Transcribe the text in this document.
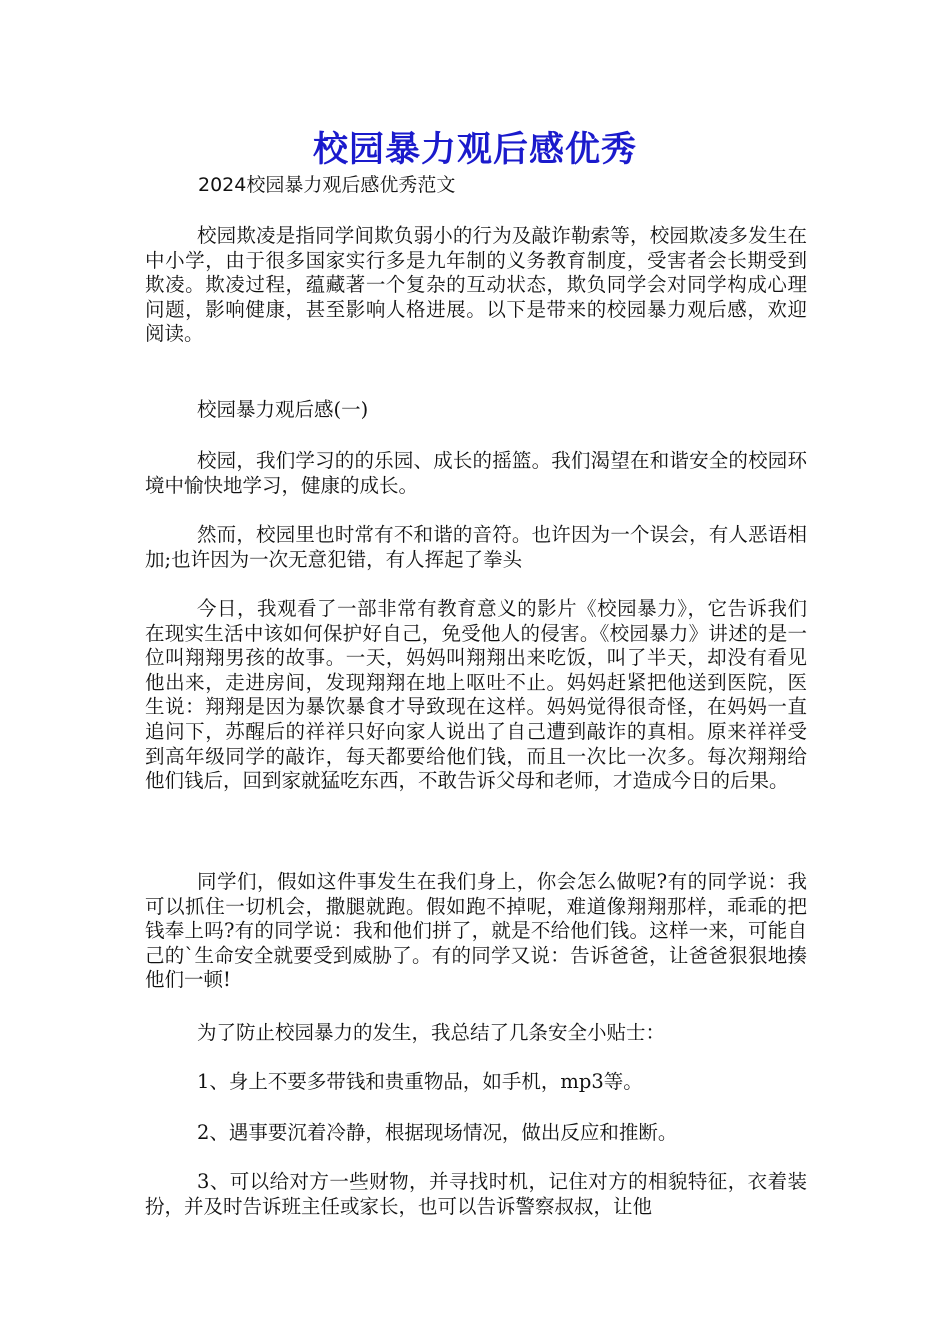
校园暴力观后感优秀

2024校园暴力观后感优秀范文

校园欺凌是指同学间欺负弱小的行为及敲诈勒索等，校园欺凌多发生在中小学，由于很多国家实行多是九年制的义务教育制度，受害者会长期受到欺凌。欺凌过程，蕴藏著一个复杂的互动状态，欺负同学会对同学构成心理问题，影响健康，甚至影响人格进展。以下是带来的校园暴力观后感，欢迎阅读。

校园暴力观后感(一)

校园，我们学习的的乐园、成长的摇篮。我们渴望在和谐安全的校园环境中愉快地学习，健康的成长。

然而，校园里也时常有不和谐的音符。也许因为一个误会，有人恶语相加;也许因为一次无意犯错，有人挥起了拳头

今日，我观看了一部非常有教育意义的影片《校园暴力》，它告诉我们在现实生活中该如何保护好自己，免受他人的侵害。《校园暴力》讲述的是一位叫翔翔男孩的故事。一天，妈妈叫翔翔出来吃饭，叫了半天，却没有看见他出来，走进房间，发现翔翔在地上呕吐不止。妈妈赶紧把他送到医院，医生说：翔翔是因为暴饮暴食才导致现在这样。妈妈觉得很奇怪，在妈妈一直追问下，苏醒后的祥祥只好向家人说出了自己遭到敲诈的真相。原来祥祥受到高年级同学的敲诈，每天都要给他们钱，而且一次比一次多。每次翔翔给他们钱后，回到家就猛吃东西，不敢告诉父母和老师，才造成今日的后果。

同学们，假如这件事发生在我们身上，你会怎么做呢?有的同学说：我可以抓住一切机会，撒腿就跑。假如跑不掉呢，难道像翔翔那样，乖乖的把钱奉上吗?有的同学说：我和他们拼了，就是不给他们钱。这样一来，可能自己的`生命安全就要受到威胁了。有的同学又说：告诉爸爸，让爸爸狠狠地揍他们一顿!

为了防止校园暴力的发生，我总结了几条安全小贴士：

1、身上不要多带钱和贵重物品，如手机，mp3等。

2、遇事要沉着冷静，根据现场情况，做出反应和推断。

3、可以给对方一些财物，并寻找时机，记住对方的相貌特征，衣着装扮，并及时告诉班主任或家长，也可以告诉警察叔叔，让他
